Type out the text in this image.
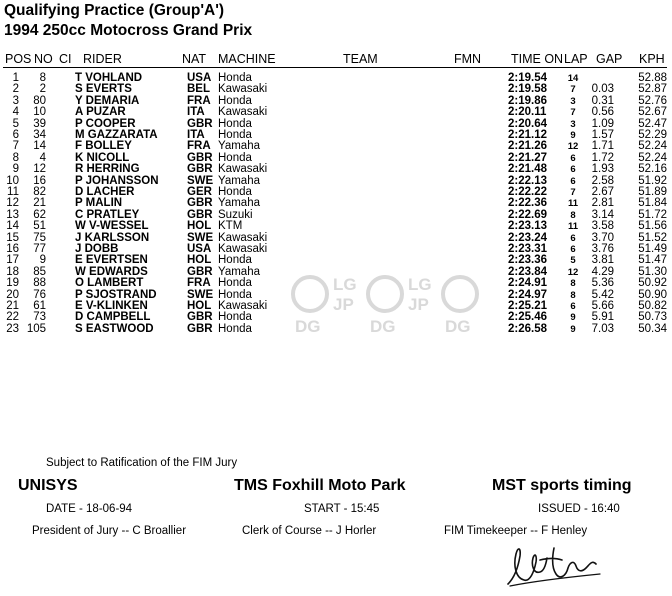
Qualifying Practice (Group'A')
1994 250cc Motocross Grand Prix
POS NO CI RIDER	NAT MACHINE	TEAM	FMN TIME ON LAP GAP KPH
LG
JP
DG
LG
JP
DG	DG
1	8	T VOHLAND	USA Honda	2:19.54 14	52.88
2	2	S EVERTS	BEL Kawasaki	2:19.58	7	0.03	52.87
3	80	Y DEMARIA	FRA Honda	2:19.86	3	0.31	52.76
4	10	A PUZAR	ITA Kawasaki	2:20.11	7	0.56	52.67
5	39	P COOPER	GBR Honda	2:20.64	3	1.09	52.47
6	34	M GAZZARATA	ITA Honda	2:21.12	9	1.57	52.29
7	14	F BOLLEY	FRA Yamaha	2:21.26 12	1.71	52.24
8	4	K NICOLL	GBR Honda	2:21.27	6	1.72	52.24
9	12	R HERRING	GBR Kawasaki	2:21.48	6	1.93	52.16
10	16	P JOHANSSON SWE Yamaha	2:22.13	6	2.58	51.92
11	82	D LACHER	GER Honda	2:22.22	7	2.67	51.89
12	21	P MALIN	GBR Yamaha	2:22.36 11	2.81	51.84
13	62	C PRATLEY	GBR Suzuki	2:22.69	8	3.14	51.72
14	51	W V-WESSEL	HOL KTM	2:23.13 11	3.58	51.56
15	75	J KARLSSON	SWE Kawasaki	2:23.24	6	3.70	51.52
16	77	J DOBB	USA Kawasaki	2:23.31	6	3.76	51.49
17	9	E EVERTSEN	HOL Honda	2:23.36	5	3.81	51.47
18	85	W EDWARDS	GBR Yamaha	2:23.84 12	4.29	51.30
19	88	O LAMBERT	FRA Honda	2:24.91	8	5.36	50.92
20	76	P SJOSTRAND	SWE Honda	2:24.97	8	5.42	50.90
21	61	E V-KLINKEN	HOL Kawasaki	2:25.21	6	5.66	50.82
22	73	D CAMPBELL	GBR Honda	2:25.46	9	5.91	50.73
23 105	S EASTWOOD	GBR Honda	2:26.58	9	7.03	50.34
Subject to Ratification of the FIM Jury
UNISYS	TMS Foxhill Moto Park	MST sports timing
DATE - 18-06-94	START - 15:45	ISSUED - 16:40
President of Jury -- C Broallier	Clerk of Course -- J Horler	FIM Timekeeper -- F Henley
